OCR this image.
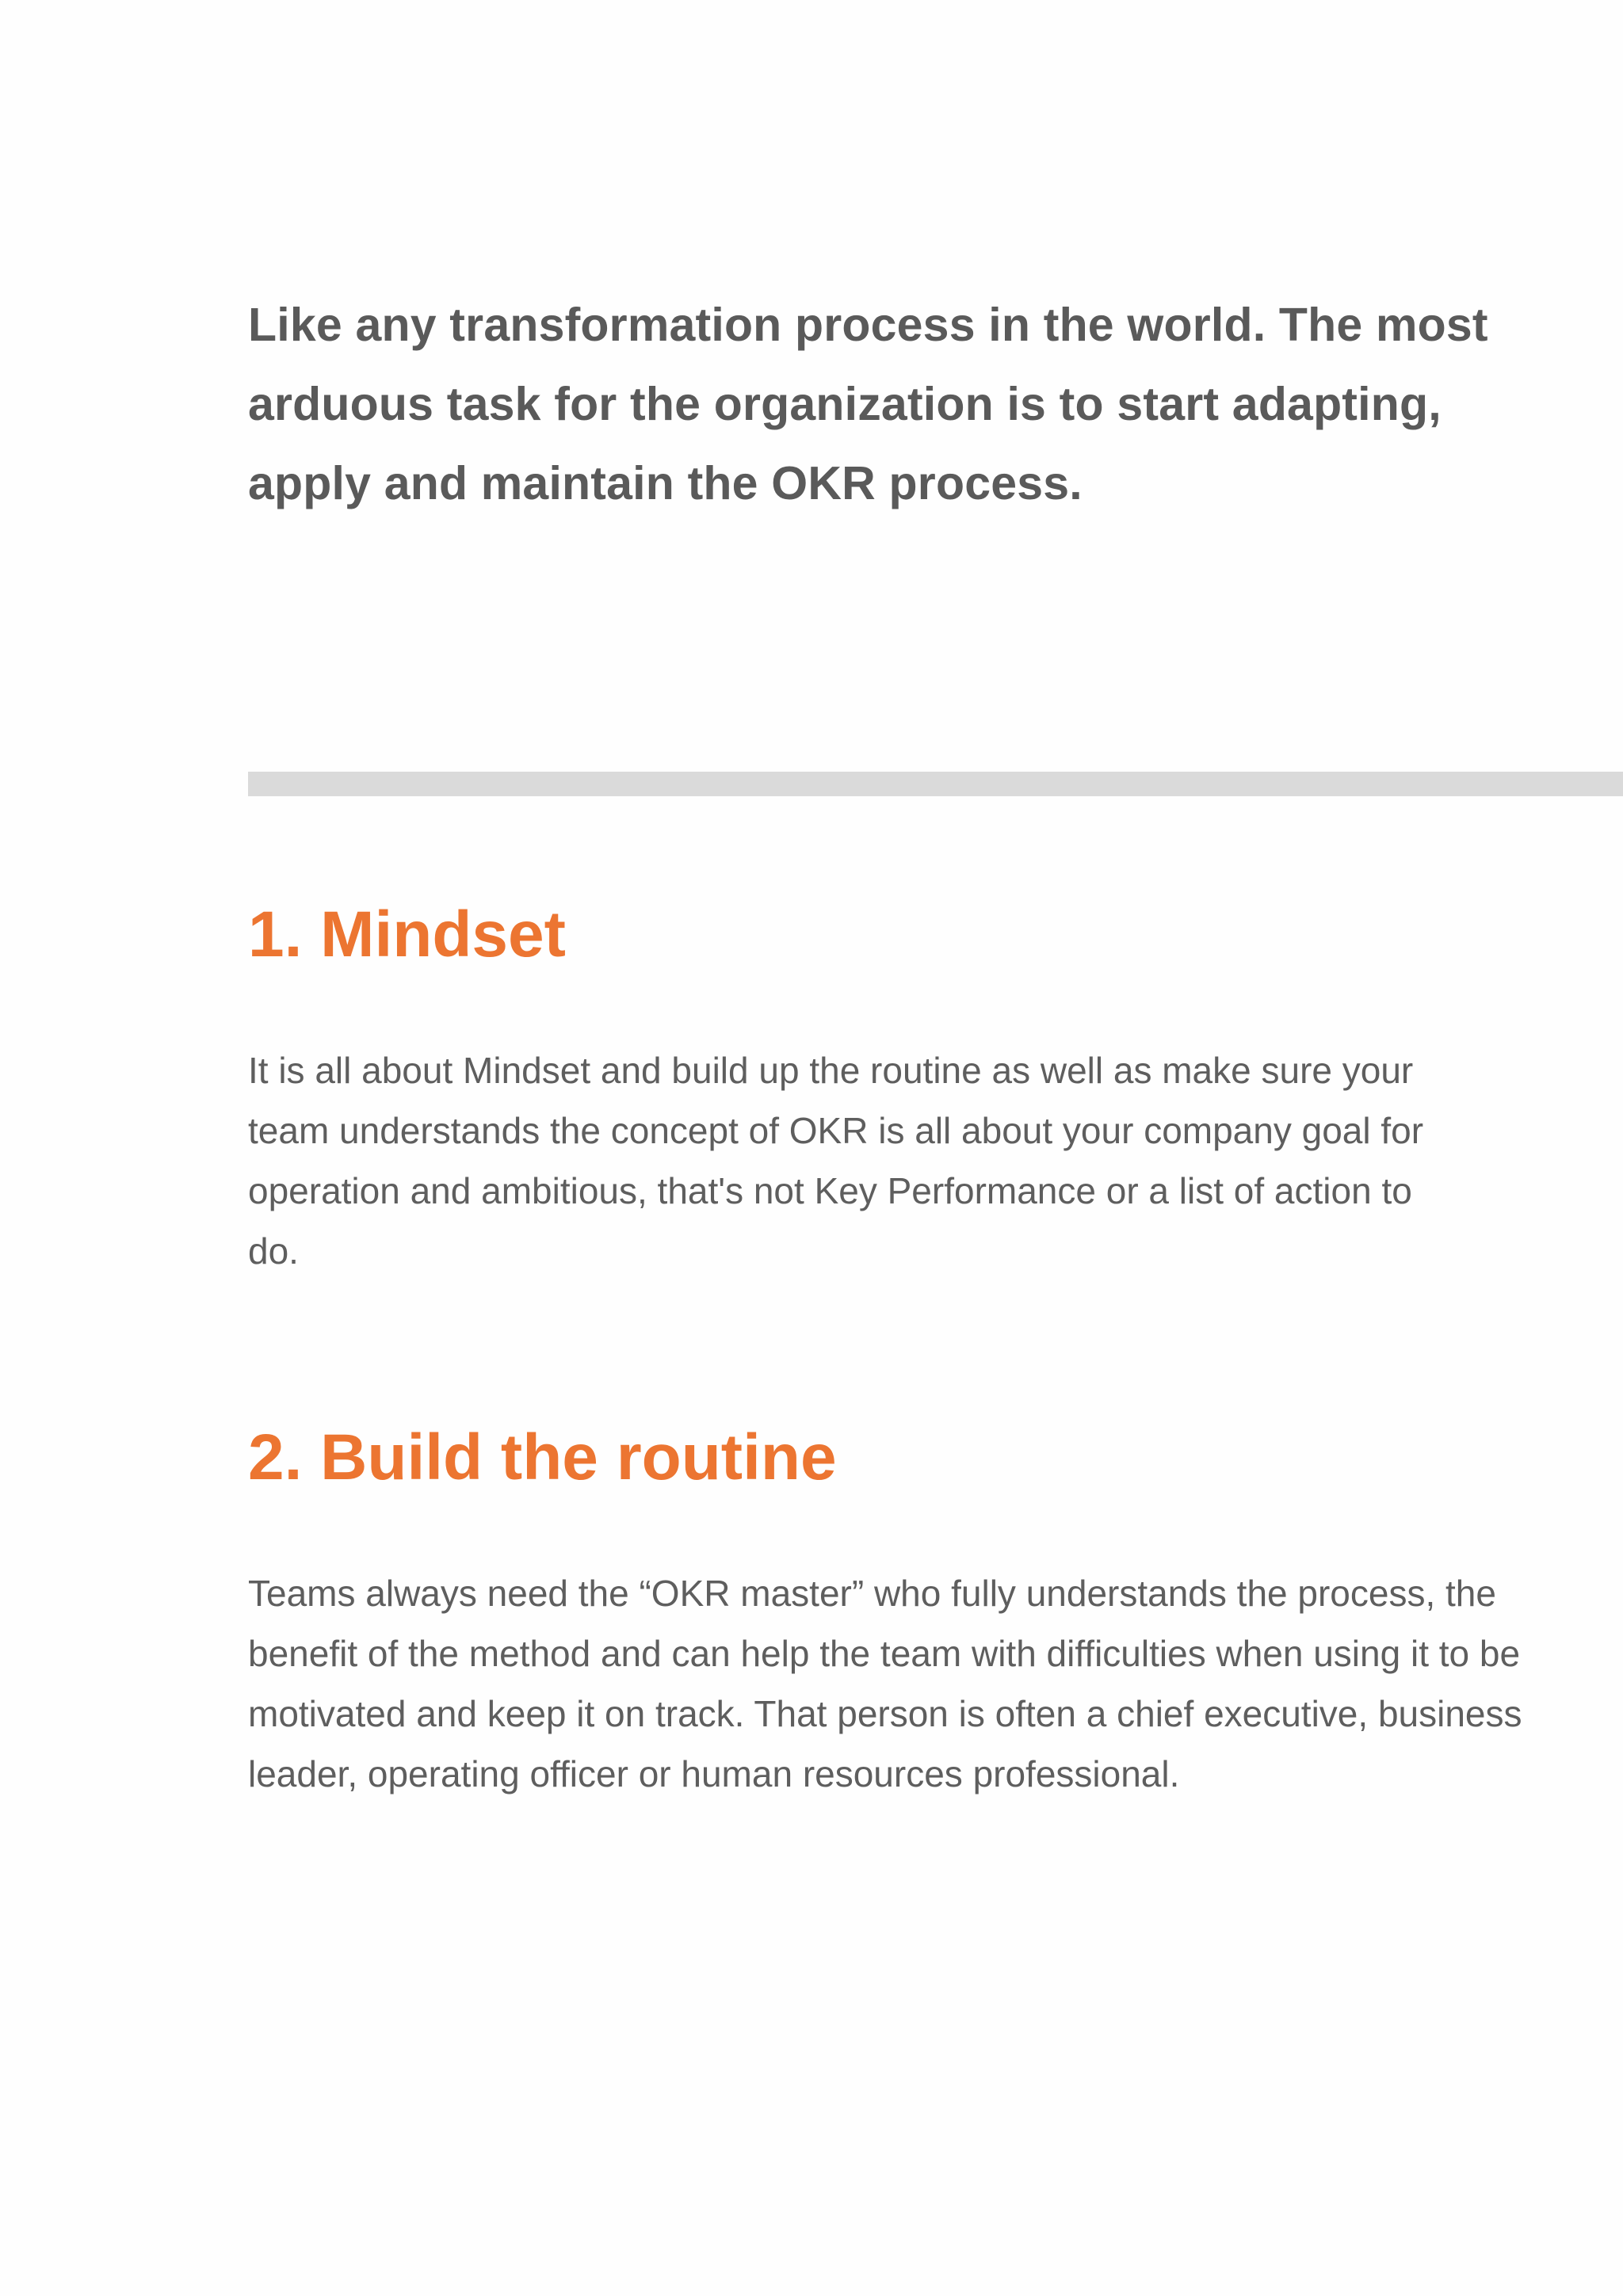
Like any transformation process in the world. The most arduous task for the organization is to start adapting, apply and maintain the OKR process.

1. Mindset

It is all about Mindset and build up the routine as well as make sure your team understands the concept of OKR is all about your company goal for operation and ambitious, that's not Key Performance or a list of action to do.

2. Build the routine

Teams always need the “OKR master” who fully understands the process, the benefit of the method and can help the team with difficulties when using it to be motivated and keep it on track. That person is often a chief executive, business leader, operating officer or human resources professional.
